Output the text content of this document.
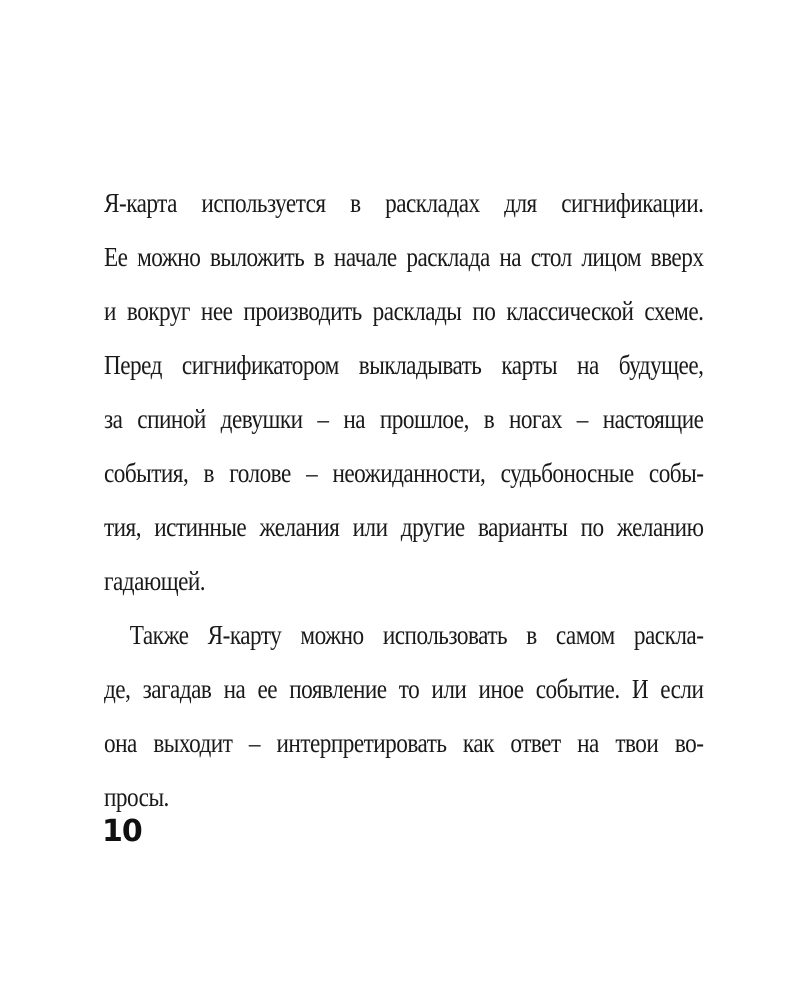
Я-карта используется в раскладах для сигнификации.
Ее можно выложить в начале расклада на стол лицом вверх
и вокруг нее производить расклады по классической схеме.
Перед сигнификатором выкладывать карты на будущее,
за спиной девушки – на прошлое, в ногах – настоящие
события, в голове – неожиданности, судьбоносные собы-
тия, истинные желания или другие варианты по желанию
гадающей.
Также Я-карту можно использовать в самом раскла-
де, загадав на ее появление то или иное событие. И если
она выходит – интерпретировать как ответ на твои во-
просы.
10
